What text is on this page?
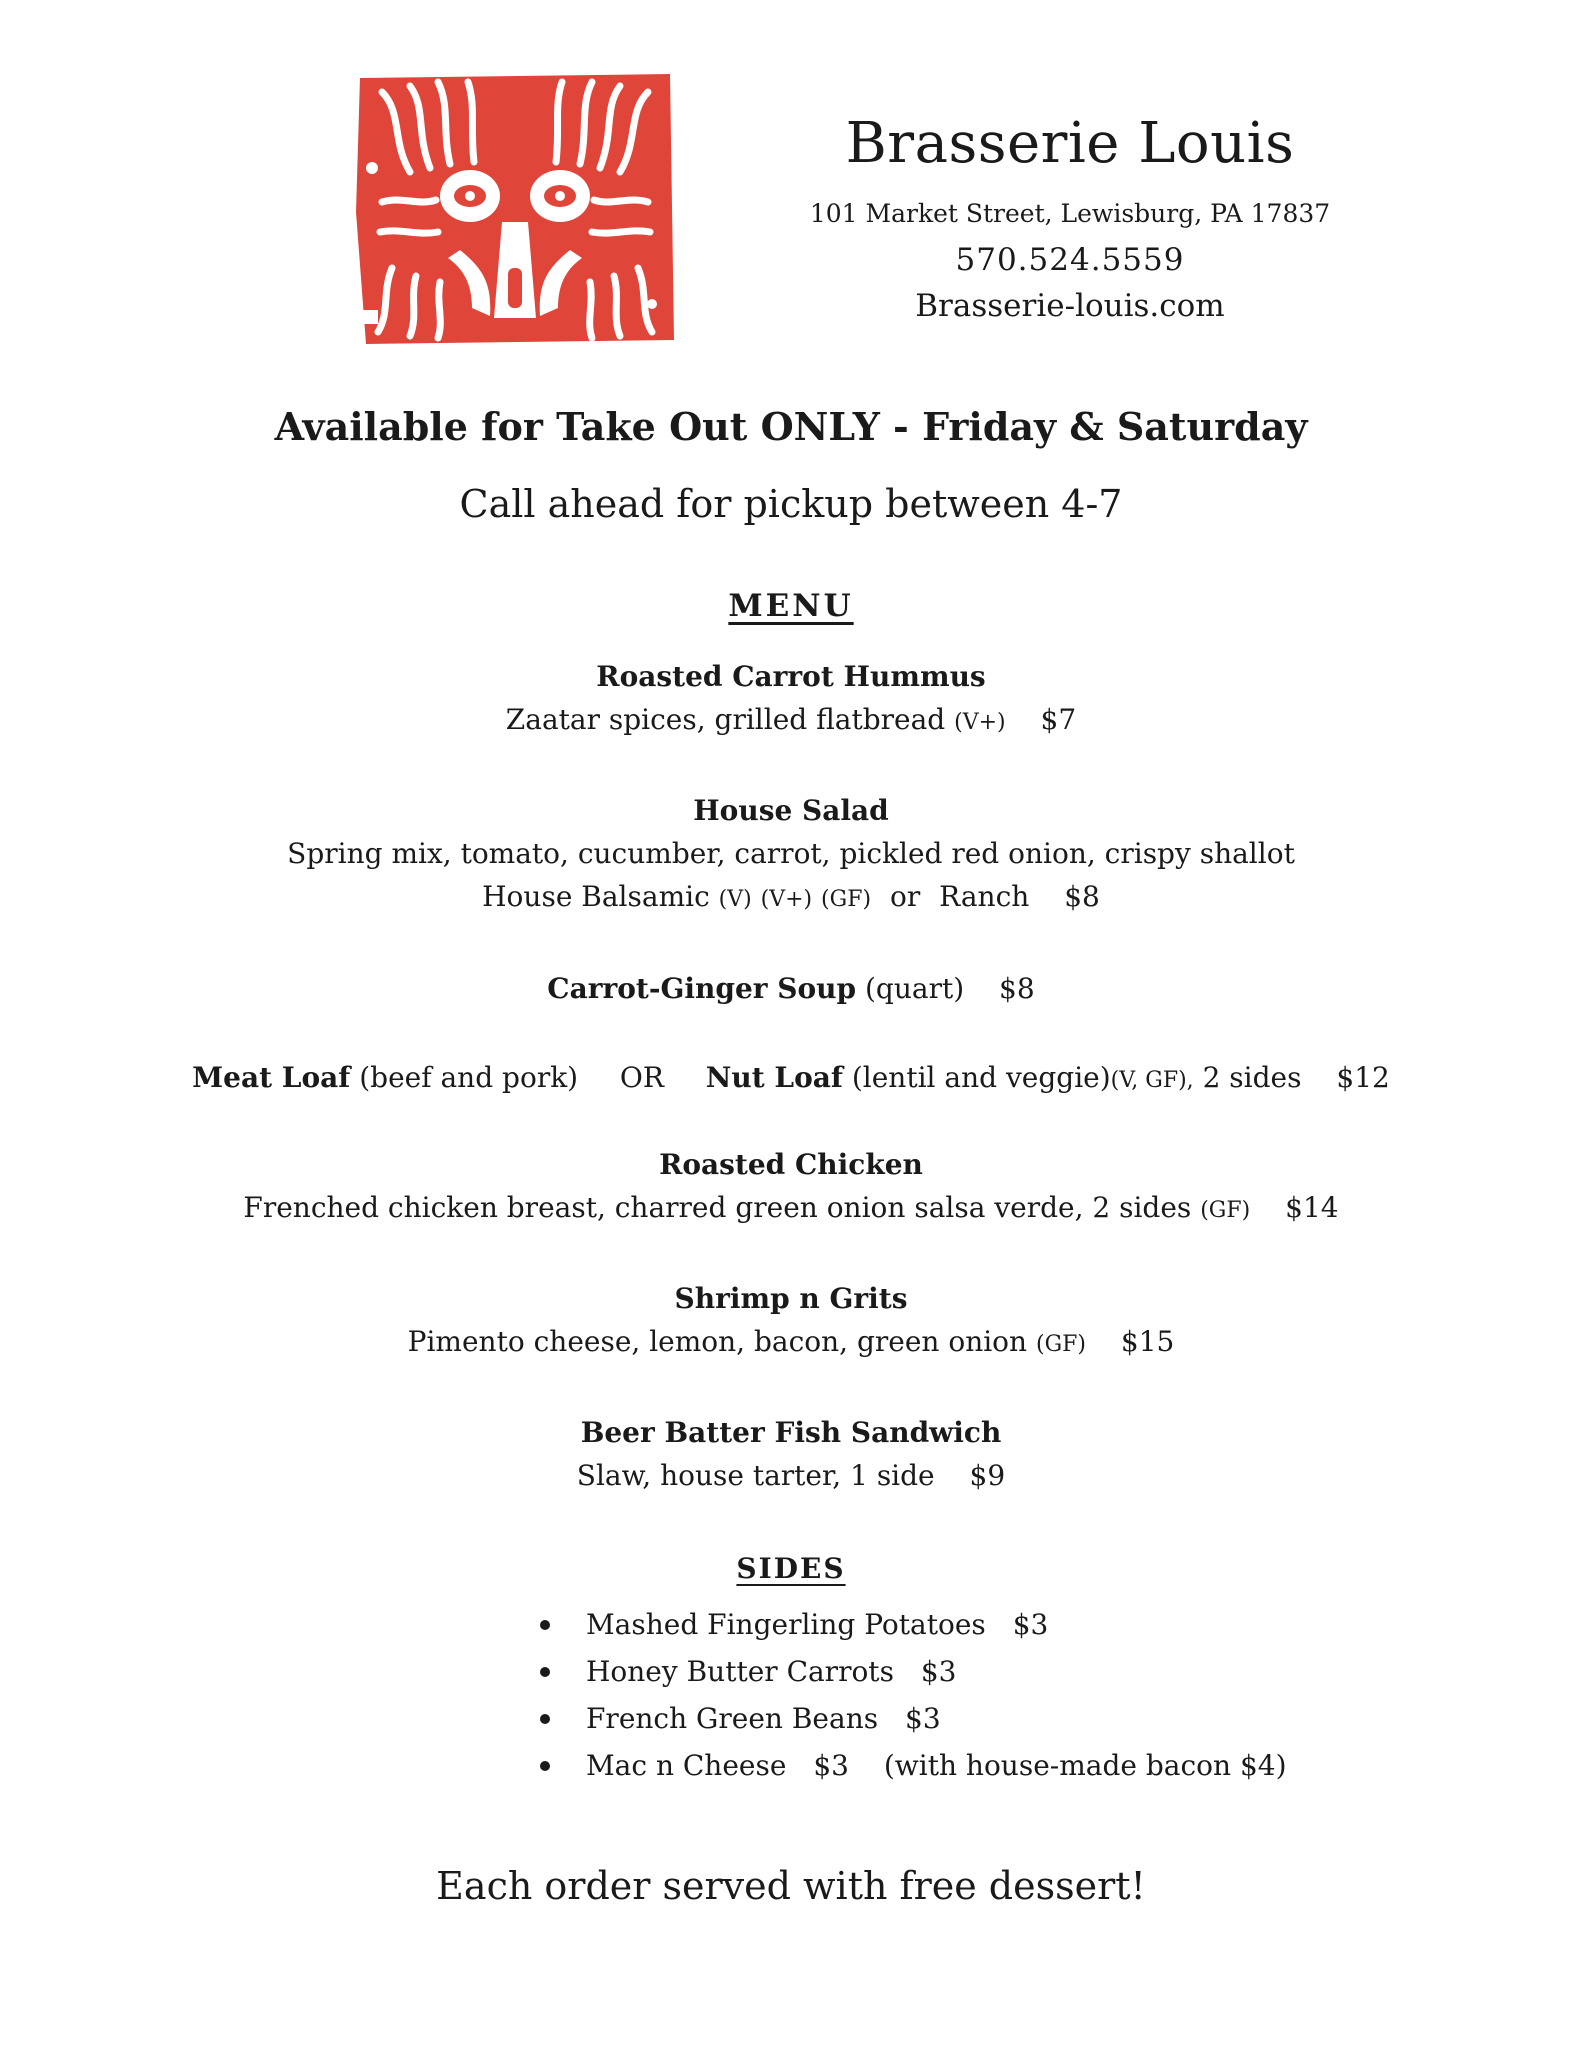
Brasserie Louis
101 Market Street, Lewisburg, PA 17837
570.524.5559
Brasserie-louis.com
Available for Take Out ONLY - Friday & Saturday
Call ahead for pickup between 4-7
MENU
Roasted Carrot Hummus
Zaatar spices, grilled flatbread (V+) $7
House Salad
Spring mix, tomato, cucumber, carrot, pickled red onion, crispy shallot
House Balsamic (V) (V+) (GF) or Ranch $8
Carrot-Ginger Soup (quart) $8
Meat Loaf (beef and pork) OR Nut Loaf (lentil and veggie)(V, GF), 2 sides $12
Roasted Chicken
Frenched chicken breast, charred green onion salsa verde, 2 sides (GF) $14
Shrimp n Grits
Pimento cheese, lemon, bacon, green onion (GF) $15
Beer Batter Fish Sandwich
Slaw, house tarter, 1 side $9
SIDES
Mashed Fingerling Potatoes $3
Honey Butter Carrots $3
French Green Beans $3
Mac n Cheese $3 (with house-made bacon $4)
Each order served with free dessert!
